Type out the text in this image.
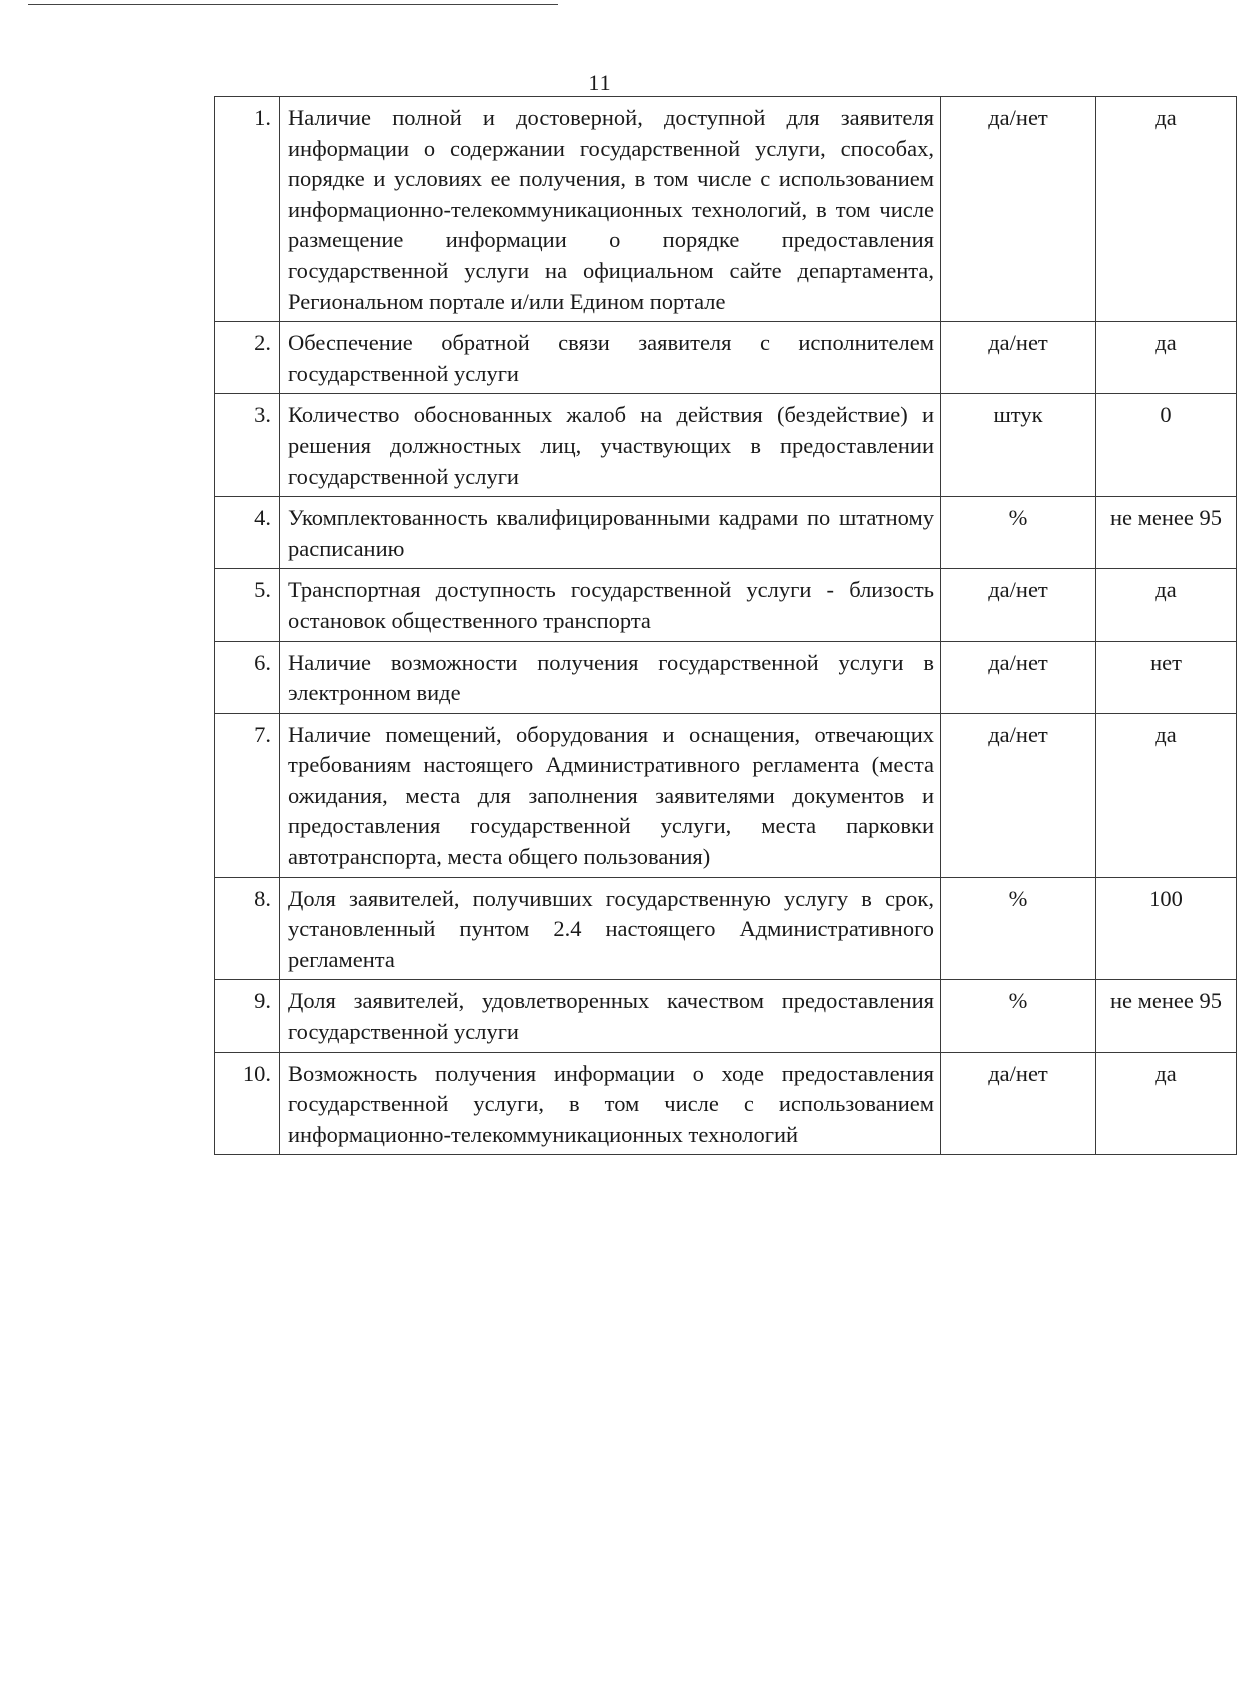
11
1.	Наличие полной и достоверной, доступной для заявителя информации о содержании государственной услуги, способах, порядке и условиях ее получения, в том числе с использованием информационно-телекоммуникационных технологий, в том числе размещение информации о порядке предоставления государственной услуги на официальном сайте департамента, Региональном портале и/или Едином портале	да/нет	да
2.	Обеспечение обратной связи заявителя с исполнителем государственной услуги	да/нет	да
3.	Количество обоснованных жалоб на действия (бездействие) и решения должностных лиц, участвующих в предоставлении государственной услуги	штук	0
4.	Укомплектованность квалифицированными кадрами по штатному расписанию	%	не менее 95
5.	Транспортная доступность государственной услуги - близость остановок общественного транспорта	да/нет	да
6.	Наличие возможности получения государственной услуги в электронном виде	да/нет	нет
7.	Наличие помещений, оборудования и оснащения, отвечающих требованиям настоящего Административного регламента (места ожидания, места для заполнения заявителями документов и предоставления государственной услуги, места парковки автотранспорта, места общего пользования)	да/нет	да
8.	Доля заявителей, получивших государственную услугу в срок, установленный пунтом 2.4 настоящего Административного регламента	%	100
9.	Доля заявителей, удовлетворенных качеством предоставления государственной услуги	%	не менее 95
10.	Возможность получения информации о ходе предоставления государственной услуги, в том числе с использованием информационно-телекоммуникационных технологий	да/нет	да
